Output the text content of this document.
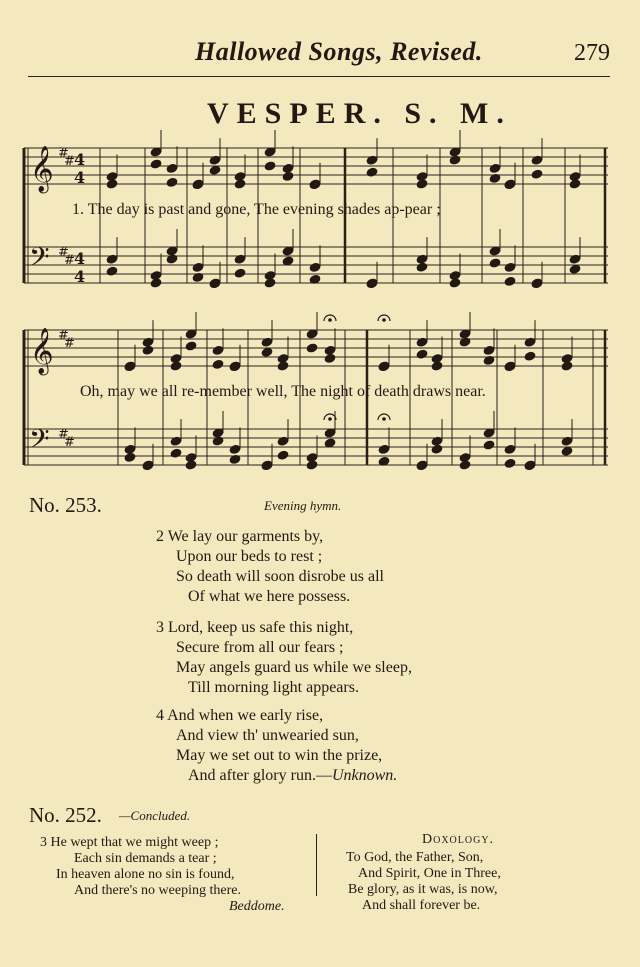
Hallowed Songs, Revised.	279
VESPER. S. M.
𝄞
𝄞
𝄢
𝄢
4
4
4
4
#
#
#
#
#
#
#
#
1. The day is past and gone, The evening shades ap-pear ;
Oh, may we all re-member well, The night of death draws near.
No. 253.	Evening hymn.
2 We lay our garments by,
Upon our beds to rest ;
So death will soon disrobe us all
Of what we here possess.
3 Lord, keep us safe this night,
Secure from all our fears ;
May angels guard us while we sleep,
Till morning light appears.
4 And when we early rise,
And view th' unwearied sun,
May we set out to win the prize,
And after glory run.—Unknown.
No. 252. —Concluded.
3 He wept that we might weep ;
Each sin demands a tear ;
In heaven alone no sin is found,
And there's no weeping there.
Beddome.
Doxology.
To God, the Father, Son,
And Spirit, One in Three,
Be glory, as it was, is now,
And shall forever be.
